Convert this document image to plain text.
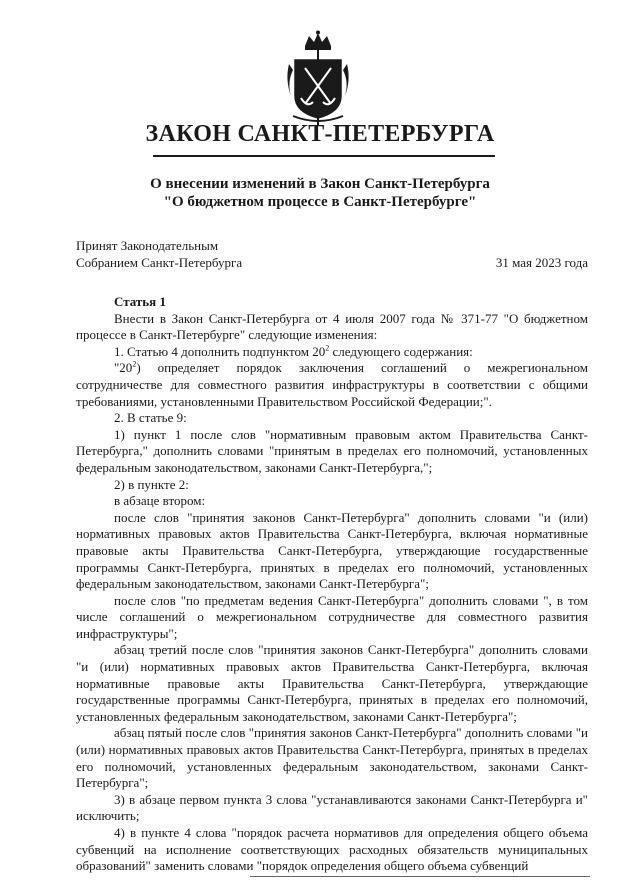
ЗАКОН САНКТ-ПЕТЕРБУРГА
О внесении изменений в Закон Санкт-Петербурга
"О бюджетном процессе в Санкт-Петербурге"
Принят Законодательным
Собранием Санкт-Петербурга	31 мая 2023 года

Статья 1

Внести в Закон Санкт-Петербурга от 4 июля 2007 года № 371-77 "О бюджетном процессе в Санкт-Петербурге" следующие изменения:

1. Статью 4 дополнить подпунктом $20^2$ следующего содержания:

"$20^2$) определяет порядок заключения соглашений о межрегиональном сотрудничестве для совместного развития инфраструктуры в соответствии с общими требованиями, установленными Правительством Российской Федерации;".

2. В статье 9:

1) пункт 1 после слов "нормативным правовым актом Правительства Санкт-Петербурга," дополнить словами "принятым в пределах его полномочий, установленных федеральным законодательством, законами Санкт-Петербурга,";

2) в пункте 2:

в абзаце втором:

после слов "принятия законов Санкт-Петербурга" дополнить словами "и (или) нормативных правовых актов Правительства Санкт-Петербурга, включая нормативные правовые акты Правительства Санкт-Петербурга, утверждающие государственные программы Санкт-Петербурга, принятых в пределах его полномочий, установленных федеральным законодательством, законами Санкт-Петербурга";

после слов "по предметам ведения Санкт-Петербурга" дополнить словами ", в том числе соглашений о межрегиональном сотрудничестве для совместного развития инфраструктуры";

абзац третий после слов "принятия законов Санкт-Петербурга" дополнить словами "и (или) нормативных правовых актов Правительства Санкт-Петербурга, включая нормативные правовые акты Правительства Санкт-Петербурга, утверждающие государственные программы Санкт-Петербурга, принятых в пределах его полномочий, установленных федеральным законодательством, законами Санкт-Петербурга";

абзац пятый после слов "принятия законов Санкт-Петербурга" дополнить словами "и (или) нормативных правовых актов Правительства Санкт-Петербурга, принятых в пределах его полномочий, установленных федеральным законодательством, законами Санкт-Петербурга";

3) в абзаце первом пункта 3 слова "устанавливаются законами Санкт-Петербурга и" исключить;

4) в пункте 4 слова "порядок расчета нормативов для определения общего объема субвенций на исполнение соответствующих расходных обязательств муниципальных образований" заменить словами "порядок определения общего объема субвенций
